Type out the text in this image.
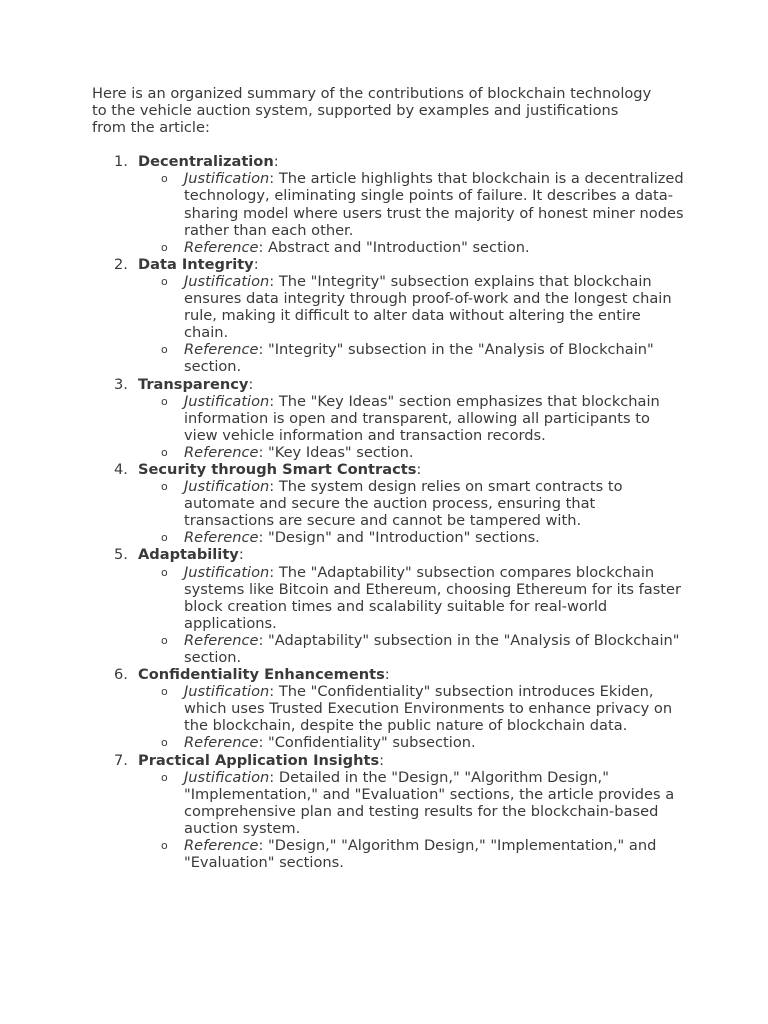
Here is an organized summary of the contributions of blockchain technology to the vehicle auction system, supported by examples and justifications from the article:

1. Decentralization:
o Justification: The article highlights that blockchain is a decentralized technology, eliminating single points of failure. It describes a data-sharing model where users trust the majority of honest miner nodes rather than each other.
o Reference: Abstract and "Introduction" section.
2. Data Integrity:
o Justification: The "Integrity" subsection explains that blockchain ensures data integrity through proof-of-work and the longest chain rule, making it difficult to alter data without altering the entire chain.
o Reference: "Integrity" subsection in the "Analysis of Blockchain" section.
3. Transparency:
o Justification: The "Key Ideas" section emphasizes that blockchain information is open and transparent, allowing all participants to view vehicle information and transaction records.
o Reference: "Key Ideas" section.
4. Security through Smart Contracts:
o Justification: The system design relies on smart contracts to automate and secure the auction process, ensuring that transactions are secure and cannot be tampered with.
o Reference: "Design" and "Introduction" sections.
5. Adaptability:
o Justification: The "Adaptability" subsection compares blockchain systems like Bitcoin and Ethereum, choosing Ethereum for its faster block creation times and scalability suitable for real-world applications.
o Reference: "Adaptability" subsection in the "Analysis of Blockchain" section.
6. Confidentiality Enhancements:
o Justification: The "Confidentiality" subsection introduces Ekiden, which uses Trusted Execution Environments to enhance privacy on the blockchain, despite the public nature of blockchain data.
o Reference: "Confidentiality" subsection.
7. Practical Application Insights:
o Justification: Detailed in the "Design," "Algorithm Design," "Implementation," and "Evaluation" sections, the article provides a comprehensive plan and testing results for the blockchain-based auction system.
o Reference: "Design," "Algorithm Design," "Implementation," and "Evaluation" sections.
